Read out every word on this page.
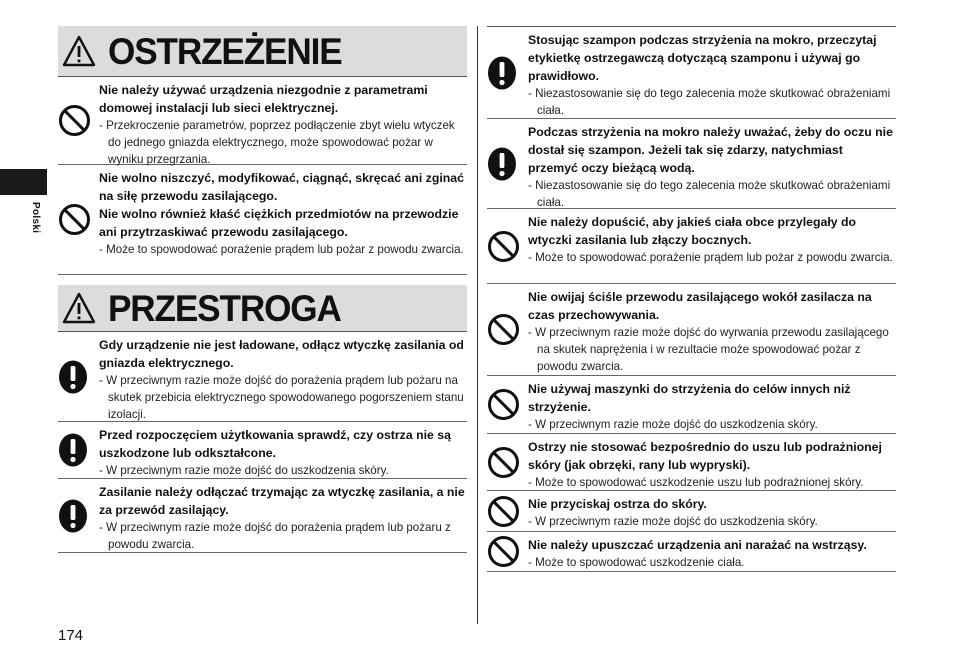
Polski
OSTRZEŻENIE
Nie należy używać urządzenia niezgodnie z parametrami domowej instalacji lub sieci elektrycznej.
- Przekroczenie parametrów, poprzez podłączenie zbyt wielu wtyczek do jednego gniazda elektrycznego, może spowodować pożar w wyniku przegrzania.
Nie wolno niszczyć, modyfikować, ciągnąć, skręcać ani zginać na siłę przewodu zasilającego.
Nie wolno również kłaść ciężkich przedmiotów na przewodzie ani przytrzaskiwać przewodu zasilającego.
- Może to spowodować porażenie prądem lub pożar z powodu zwarcia.
PRZESTROGA
Gdy urządzenie nie jest ładowane, odłącz wtyczkę zasilania od gniazda elektrycznego.
- W przeciwnym razie może dojść do porażenia prądem lub pożaru na skutek przebicia elektrycznego spowodowanego pogorszeniem stanu izolacji.
Przed rozpoczęciem użytkowania sprawdź, czy ostrza nie są uszkodzone lub odkształcone.
- W przeciwnym razie może dojść do uszkodzenia skóry.
Zasilanie należy odłączać trzymając za wtyczkę zasilania, a nie za przewód zasilający.
- W przeciwnym razie może dojść do porażenia prądem lub pożaru z powodu zwarcia.
Stosując szampon podczas strzyżenia na mokro, przeczytaj etykietkę ostrzegawczą dotyczącą szamponu i używaj go prawidłowo.
- Niezastosowanie się do tego zalecenia może skutkować obrażeniami ciała.
Podczas strzyżenia na mokro należy uważać, żeby do oczu nie dostał się szampon. Jeżeli tak się zdarzy, natychmiast przemyć oczy bieżącą wodą.
- Niezastosowanie się do tego zalecenia może skutkować obrażeniami ciała.
Nie należy dopuścić, aby jakieś ciała obce przylegały do wtyczki zasilania lub złączy bocznych.
- Może to spowodować porażenie prądem lub pożar z powodu zwarcia.
Nie owijaj ściśle przewodu zasilającego wokół zasilacza na czas przechowywania.
- W przeciwnym razie może dojść do wyrwania przewodu zasilającego na skutek naprężenia i w rezultacie może spowodować pożar z powodu zwarcia.
Nie używaj maszynki do strzyżenia do celów innych niż strzyżenie.
- W przeciwnym razie może dojść do uszkodzenia skóry.
Ostrzy nie stosować bezpośrednio do uszu lub podrażnionej skóry (jak obrzęki, rany lub wypryski).
- Może to spowodować uszkodzenie uszu lub podrażnionej skóry.
Nie przyciskaj ostrza do skóry.
- W przeciwnym razie może dojść do uszkodzenia skóry.
Nie należy upuszczać urządzenia ani narażać na wstrząsy.
- Może to spowodować uszkodzenie ciała.
174
